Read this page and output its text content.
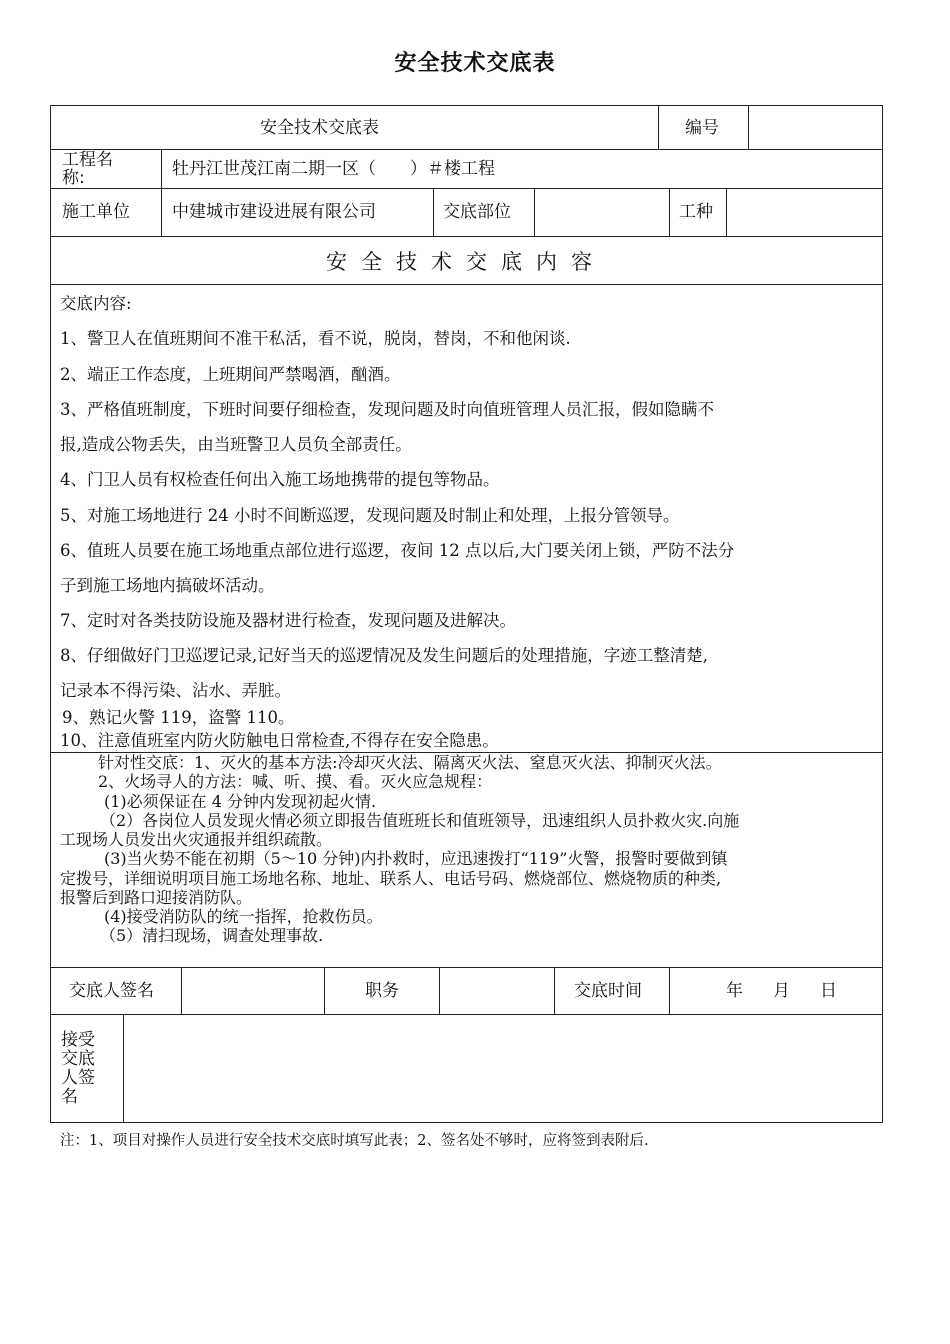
安全技术交底表
安全技术交底表	编号
工程名
称:	牡丹江世茂江南二期一区（　　）＃楼工程
施工单位 中建城市建设进展有限公司	交底部位	工种
安全技术交底内容
交底内容:
1、警卫人在值班期间不准干私活，看不说，脱岗，替岗，不和他闲谈.
2、端正工作态度，上班期间严禁喝酒，酗酒。
3、严格值班制度，下班时间要仔细检查，发现问题及时向值班管理人员汇报，假如隐瞒不
报,造成公物丢失，由当班警卫人员负全部责任。
4、门卫人员有权检查任何出入施工场地携带的提包等物品。
5、对施工场地进行 24 小时不间断巡逻，发现问题及时制止和处理，上报分管领导。
6、值班人员要在施工场地重点部位进行巡逻，夜间 12 点以后,大门要关闭上锁，严防不法分
子到施工场地内搞破坏活动。
7、定时对各类技防设施及器材进行检查，发现问题及进解决。
8、仔细做好门卫巡逻记录,记好当天的巡逻情况及发生问题后的处理措施，字迹工整清楚,
记录本不得污染、沾水、弄脏。
9、熟记火警 119，盗警 110。
10、注意值班室内防火防触电日常检查,不得存在安全隐患。
针对性交底：1、灭火的基本方法:冷却灭火法、隔离灭火法、窒息灭火法、抑制灭火法。
2、火场寻人的方法：喊、听、摸、看。灭火应急规程：
(1)必须保证在 4 分钟内发现初起火情.
（2）各岗位人员发现火情必须立即报告值班班长和值班领导，迅速组织人员扑救火灾.向施
工现场人员发出火灾通报并组织疏散。
(3)当火势不能在初期（5～10 分钟)内扑救时，应迅速拨打“119”火警，报警时要做到镇
定拨号，详细说明项目施工场地名称、地址、联系人、电话号码、燃烧部位、燃烧物质的种类,
报警后到路口迎接消防队。
(4)接受消防队的统一指挥，抢救伤员。
（5）清扫现场，调查处理事故.
交底人签名	职务	交底时间	年 月 日
接受
交底
人签
名
注：1、项目对操作人员进行安全技术交底时填写此表；2、签名处不够时，应将签到表附后.
